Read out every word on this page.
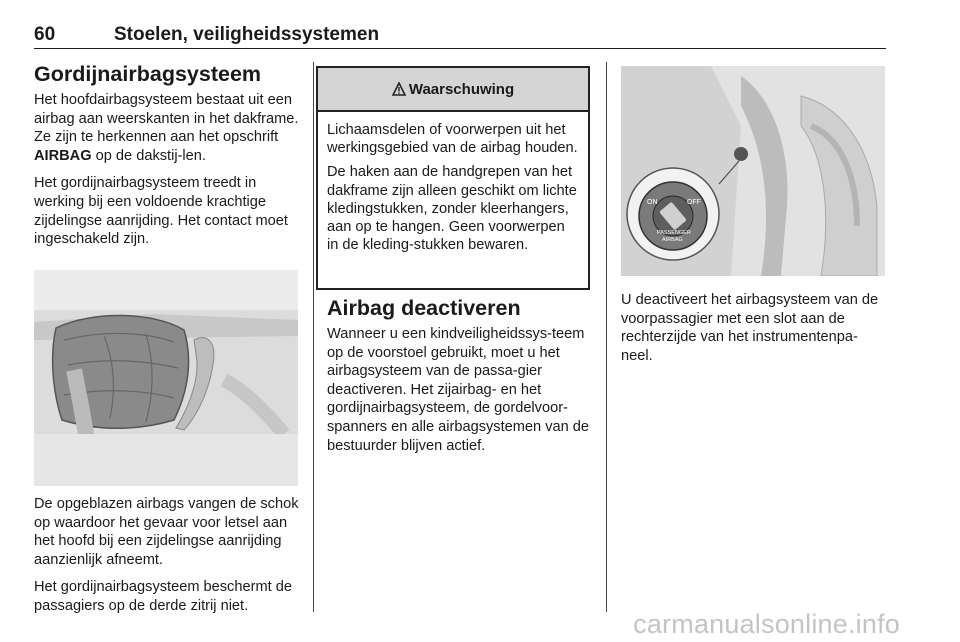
60	Stoelen, veiligheidssystemen
Gordijnairbagsysteem

Het hoofdairbagsysteem bestaat uit een airbag aan weerskanten in het dakframe. Ze zijn te herkennen aan het opschrift AIRBAG op de dakstij-len.

Het gordijnairbagsysteem treedt in werking bij een voldoende krachtige zijdelingse aanrijding. Het contact moet ingeschakeld zijn.

De opgeblazen airbags vangen de schok op waardoor het gevaar voor letsel aan het hoofd bij een zijdelingse aanrijding aanzienlijk afneemt.

Het gordijnairbagsysteem beschermt de passagiers op de derde zitrij niet.

Waarschuwing

Lichaamsdelen of voorwerpen uit het werkingsgebied van de airbag houden.

De haken aan de handgrepen van het dakframe zijn alleen geschikt om lichte kledingstukken, zonder kleerhangers, aan op te hangen. Geen voorwerpen in de kleding-stukken bewaren.

Airbag deactiveren

Wanneer u een kindveiligheidssys-teem op de voorstoel gebruikt, moet u het airbagsysteem van de passa-gier deactiveren. Het zijairbag- en het gordijnairbagsysteem, de gordelvoor-spanners en alle airbagsystemen van de bestuurder blijven actief.

ON	OFF
PASSENGER
AIRBAG

U deactiveert het airbagsysteem van de voorpassagier met een slot aan de rechterzijde van het instrumentenpa-neel.

carmanualsonline.info
